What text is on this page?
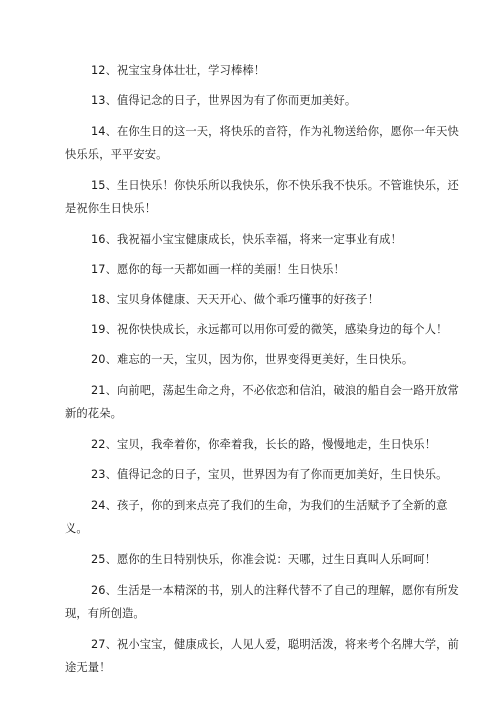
12、祝宝宝身体壮壮，学习棒棒！
13、值得记念的日子，世界因为有了你而更加美好。
14、在你生日的这一天，将快乐的音符，作为礼物送给你，愿你一年天快
快乐乐，平平安安。
15、生日快乐！你快乐所以我快乐，你不快乐我不快乐。不管谁快乐，还
是祝你生日快乐！
16、我祝福小宝宝健康成长，快乐幸福，将来一定事业有成！
17、愿你的每一天都如画一样的美丽！生日快乐！
18、宝贝身体健康、天天开心、做个乖巧懂事的好孩子！
19、祝你快快成长，永远都可以用你可爱的微笑，感染身边的每个人！
20、难忘的一天，宝贝，因为你，世界变得更美好，生日快乐。
21、向前吧，荡起生命之舟，不必依恋和信泊，破浪的船自会一路开放常
新的花朵。
22、宝贝，我牵着你，你牵着我，长长的路，慢慢地走，生日快乐！
23、值得记念的日子，宝贝，世界因为有了你而更加美好，生日快乐。
24、孩子，你的到来点亮了我们的生命，为我们的生活赋予了全新的意
义。
25、愿你的生日特别快乐，你准会说：天哪，过生日真叫人乐呵呵！
26、生活是一本精深的书，别人的注释代替不了自己的理解，愿你有所发
现，有所创造。
27、祝小宝宝，健康成长，人见人爱，聪明活泼，将来考个名牌大学，前
途无量！
